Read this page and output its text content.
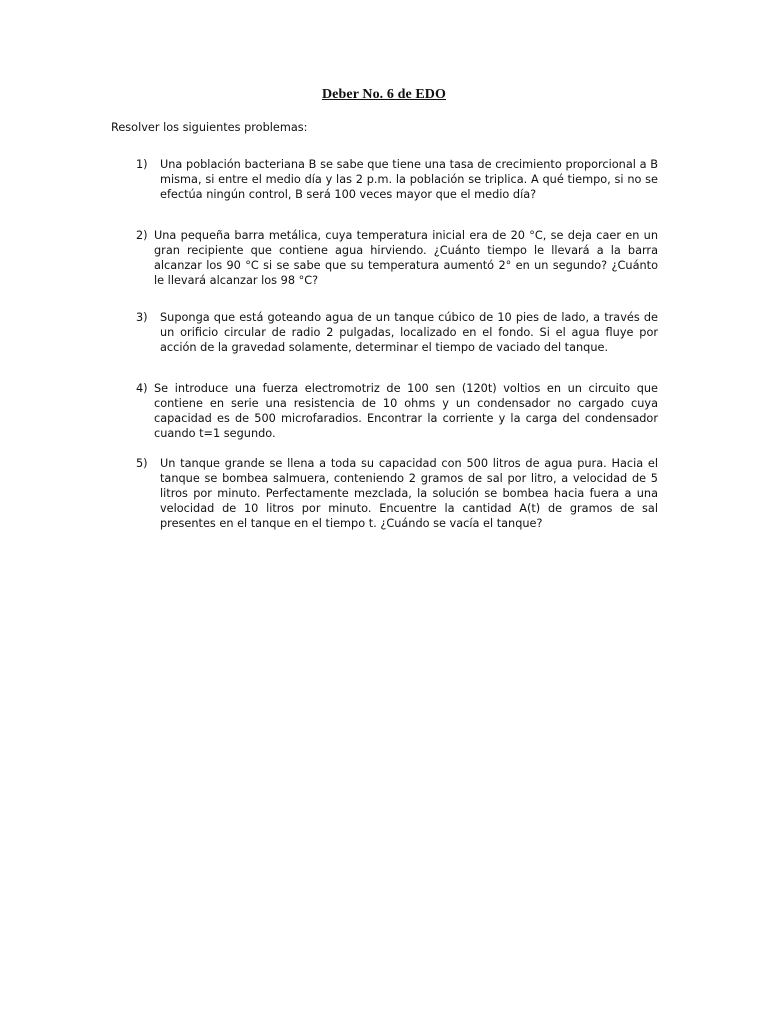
Deber No. 6 de EDO
Resolver los siguientes problemas:
1)	Una población bacteriana B se sabe que tiene una tasa de crecimiento proporcional a B misma, si entre el medio día y las 2 p.m. la población se triplica. A qué tiempo, si no se efectúa ningún control, B será 100 veces mayor que el medio día?
2) Una pequeña barra metálica, cuya temperatura inicial era de 20 °C, se deja caer en un gran recipiente que contiene agua hirviendo. ¿Cuánto tiempo le llevará a la barra alcanzar los 90 °C si se sabe que su temperatura aumentó 2° en un segundo? ¿Cuánto le llevará alcanzar los 98 °C?
3)	Suponga que está goteando agua de un tanque cúbico de 10 pies de lado, a través de un orificio circular de radio 2 pulgadas, localizado en el fondo. Si el agua fluye por acción de la gravedad solamente, determinar el tiempo de vaciado del tanque.
4) Se introduce una fuerza electromotriz de 100 sen (120t) voltios en un circuito que contiene en serie una resistencia de 10 ohms y un condensador no cargado cuya capacidad es de 500 microfaradios. Encontrar la corriente y la carga del condensador cuando t=1 segundo.
5)	Un tanque grande se llena a toda su capacidad con 500 litros de agua pura. Hacia el tanque se bombea salmuera, conteniendo 2 gramos de sal por litro, a velocidad de 5 litros por minuto. Perfectamente mezclada, la solución se bombea hacia fuera a una velocidad de 10 litros por minuto. Encuentre la cantidad A(t) de gramos de sal presentes en el tanque en el tiempo t. ¿Cuándo se vacía el tanque?
